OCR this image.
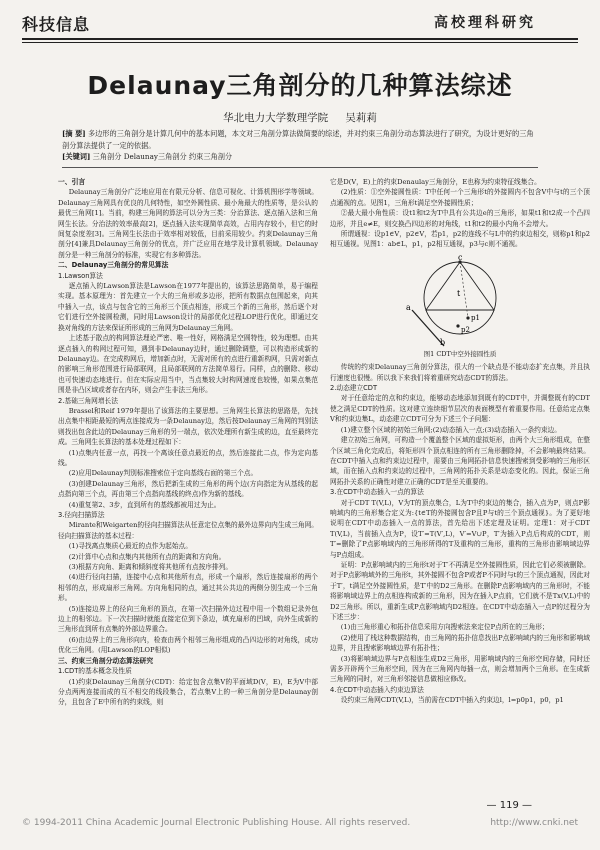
科技信息	高校理科研究
Delaunay三角剖分的几种算法综述
华北电力大学数理学院 吴莉莉
[摘 要] 多边形的三角剖分是计算几何中的基本问题，本文对三角剖分算法做简要的综述，并对约束三角剖分动态算法进行了研究，为设计更好的三角剖分算法提供了一定的依据。
[关键词] 三角剖分 Delaunay三角剖分 约束三角剖分

一、引言

Delaunay三角剖分广泛地应用在有限元分析、信息可视化、计算机图形学等领域。Delaunay三角网具有优良的几何特性，如空外圆性质、最小角最大的性质等，是公认的最优三角网[1]。当前，构建三角网的算法可以分为三类：分治算法、逐点插入法和三角网生长法。分治法的效率最高[2]，逐点插入法实现简单高效，占用内存较小，但它的时间复杂度差[3]。三角网生长法由于效率相对较低，目前采用较少。约束Delaunay三角剖分[4]兼具Delaunay三角剖分的优点，并广泛应用在地学及计算机领域。Delaunay剖分是一种三角剖分的标准，实现它有多种算法。

二、Delaunay三角剖分的常见算法

1.Lawson算法

逐点插入的Lawson算法是Lawson在1977年提出的，该算法思路简单，易于编程实现。基本原理为：首先建立一个大的三角形或多边形，把所有数据点包围起来，向其中插入一点，该点与包含它的三角形三个顶点相连，形成三个新的三角形，然后逐个对它们进行空外接圆检测，同时用Lawson设计的局部优化过程LOP进行优化，即通过交换对角线的方法来保证所形成的三角网为Delaunay三角网。

上述基于散点的构网算法理论严密、唯一性好，网格满足空圆特性，较为理想。由其逐点插入的构网过程可知，遇到非Delaunay边时，通过删除调整，可以构造形成新的Delaunay边。在完成构网后，增加新点时，无需对所有的点进行重新构网，只需对新点的影响三角形范围进行局部联网，且局部联网的方法简单易行。同样，点的删除、移动也可快速动态地进行。但在实际应用当中，当点集较大时构网速度也较慢，如果点集范围是非凸区域或者存在内环，则会产生非法三角形。

2.基础三角网增长法

Brassel和Reif 1979年提出了该算法的主要思想。三角网生长算法的思路是，先找出点集中相距最短的两点连接成为一条Delaunay边，然后按Delaunay三角网的判别法则找出包含此边的Delaunay三角形的另一端点，依次处理所有新生成的边，直至最终完成。三角网生长算法的基本处理过程如下：

(1)点集内任意一点，再找一个离该任意点最近的点，然后连接此二点，作为定向基线。

(2)应用Delaunay判别标准搜索位于定向基线右面的第三个点。

(3)创建Delaunay三角形，然后把新生成的三角形的两个边(方向指定为从基线的起点指向第三个点，再由第三个点指向基线的终点)作为新的基线。

(4)重复第2、3步，直到所有的基线都被用过为止。

3.径向扫描算法

Mirante和Weigarten的径向扫描算法从任意定位点集的最外边界向内生成三角网。径向扫描算法的基本过程：

(1)寻找离点集质心最近的点作为起始点。

(2)计算中心点和点集内其他所有点的距离和方向角。

(3)根据方向角、距离和倾斜度将其他所有点按序排列。

(4)进行径向扫描，连接中心点和其他所有点，形成一个扇形，然后连接扇形的两个相邻的点，形成扇形三角网。方向角相同的点，通过其公共边的两侧分别生成一个三角形。

(5)连接边界上的径向三角形的顶点，在第一次扫描外边过程中用一个数组记录外包边上的相邻边。下一次扫描时就能直接定位到下条边，填充扇形的凹域，向外生成新的三角形直到所有点集的外部边界重合。

(6)由边界上的三角形向内，检查由两个相邻三角形组成的凸四边形的对角线，成功优化三角网。(用Lawson的LOP相似)

三、约束三角剖分动态算法研究

1.CDT的基本概念及性质

(1)约束Delaunay三角剖分(CDT)：给定包含点集V的平面域D(V，E)，E为V中部分点两两连接而成的互不相交的线段集合，若点集V上的一种三角剖分是Delaunay剖分，且包含了E中所有的约束线，则

它是D(V，E)上的约束Denaulay三角剖分，E也称为约束特征线集合。

(2)性质：①空外接圆性质：T中任何一个三角形t的外接圆内不包含V中与t的三个顶点通视的点。见图1，三角形t满足空外接圆性质；

②最大最小角性质：设t1和t2为T中具有公共边e的三角形，如果t1和t2成一个凸四边形，并且e≠E，则交换凸四边形的对角线，t1和t2的最小内角不会增大。

所谓通视：设p1∈V，p2∈V，若p1，p2的连线不与L中的约束边相交，则称p1和p2相互通视。见图1：ab∈L，p1，p2相互通视，p3与c则不通视。

a
b
c
t
p1
p2
图1 CDT中空外接圆性质

传统的约束Delaunay三角剖分算法，很大的一个缺点是不能动态扩充点集，并且执行速度也很慢。所以我下来我们将着重研究动态CDT的算法。

2.动态建立CDT

对于任意给定的点和约束边，能够动态地添加到既有的CDT中，并调整既有的CDT使之满足CDT的性质。这对建立连续细节层次的表面模型有着重要作用。任意给定点集V和约束边集L，动态建立CDT可分为下述三个子问题：

(1)建立整个区域的初始三角网;(2)动态插入一点;(3)动态插入一条约束边。

建立初始三角网，可构造一个覆盖整个区域的虚拟矩形，由两个大三角形组成，在整个区域三角化完成后，将矩形四个顶点相连的所有三角形删除掉，不会影响最终结果。在CDT中插入点和约束边过程中，需要由三角网拓扑信息快速搜索到受影响的三角形区域，而在插入点和约束边的过程中，三角网的拓扑关系是动态变化的。因此，保证三角网拓扑关系的正确性对建立正确的CDT是至关重要的。

3.在CDT中动态插入一点的算法

对于CDT T(V,L)，V为T的顶点集合，L为T中约束边的集合，插入点为P，则点P影响域内的三角形集合定义为:{t∈T的外接圆包含P且P与t的三个顶点通视}。为了更好地说明在CDT中动态插入一点的算法，首先给出下述定理及证明。定理1：对于CDT T(V,L)，当前插入点为P，设T′=T(V′,L)，V′=V∪P，T′为插入P点后构成的CDT，则T′=删除了P点影响域内的三角形所得的T及重构的三角形，重构的三角形由影响域边界与P点组成。

证明：P点影响域内的三角形t对于T′不再满足空外接圆性质，因此它们必须被删除。对于P点影响域外的三角形t，其外接圆不包含P或者P不同时与t的三个顶点通视，因此对于T′，t满足空外接圆性质，是T′中的D2三角形。在删除P点影响域内的三角形时，不能将影响域边界上的点相连构成新的三角形，因为在插入P点前，它们就不是Tx(V,L)中的D2三角形。所以，重新生成P点影响域内D2相连。在CDT中动态插入一点P的过程分为下述三步：

(1)由三角形重心和拓扑信息采用方向搜索法来定位P点所在的三角形；

(2)使用了栈这种数据结构，由三角网的拓扑信息找出P点影响域内的三角形和影响域边界，并且搜索影响域边界有拓扑性；

(3)将影响域边界与P点相连生成D2三角形，用影响域内的三角形空间存储，同时还需多开辟两个三角形空间，因为在三角网内每插一点，则会增加两个三角形。在生成新三角网的同时，对三角形邻接信息做相应修改。

4.在CDT中动态插入约束边算法

设约束三角网CDT(V,L)，当前需在CDT中插入约束边l，l=p0p1，p0，p1

— 119 —
© 1994-2011 China Academic Journal Electronic Publishing House. All rights reserved.	http://www.cnki.net
